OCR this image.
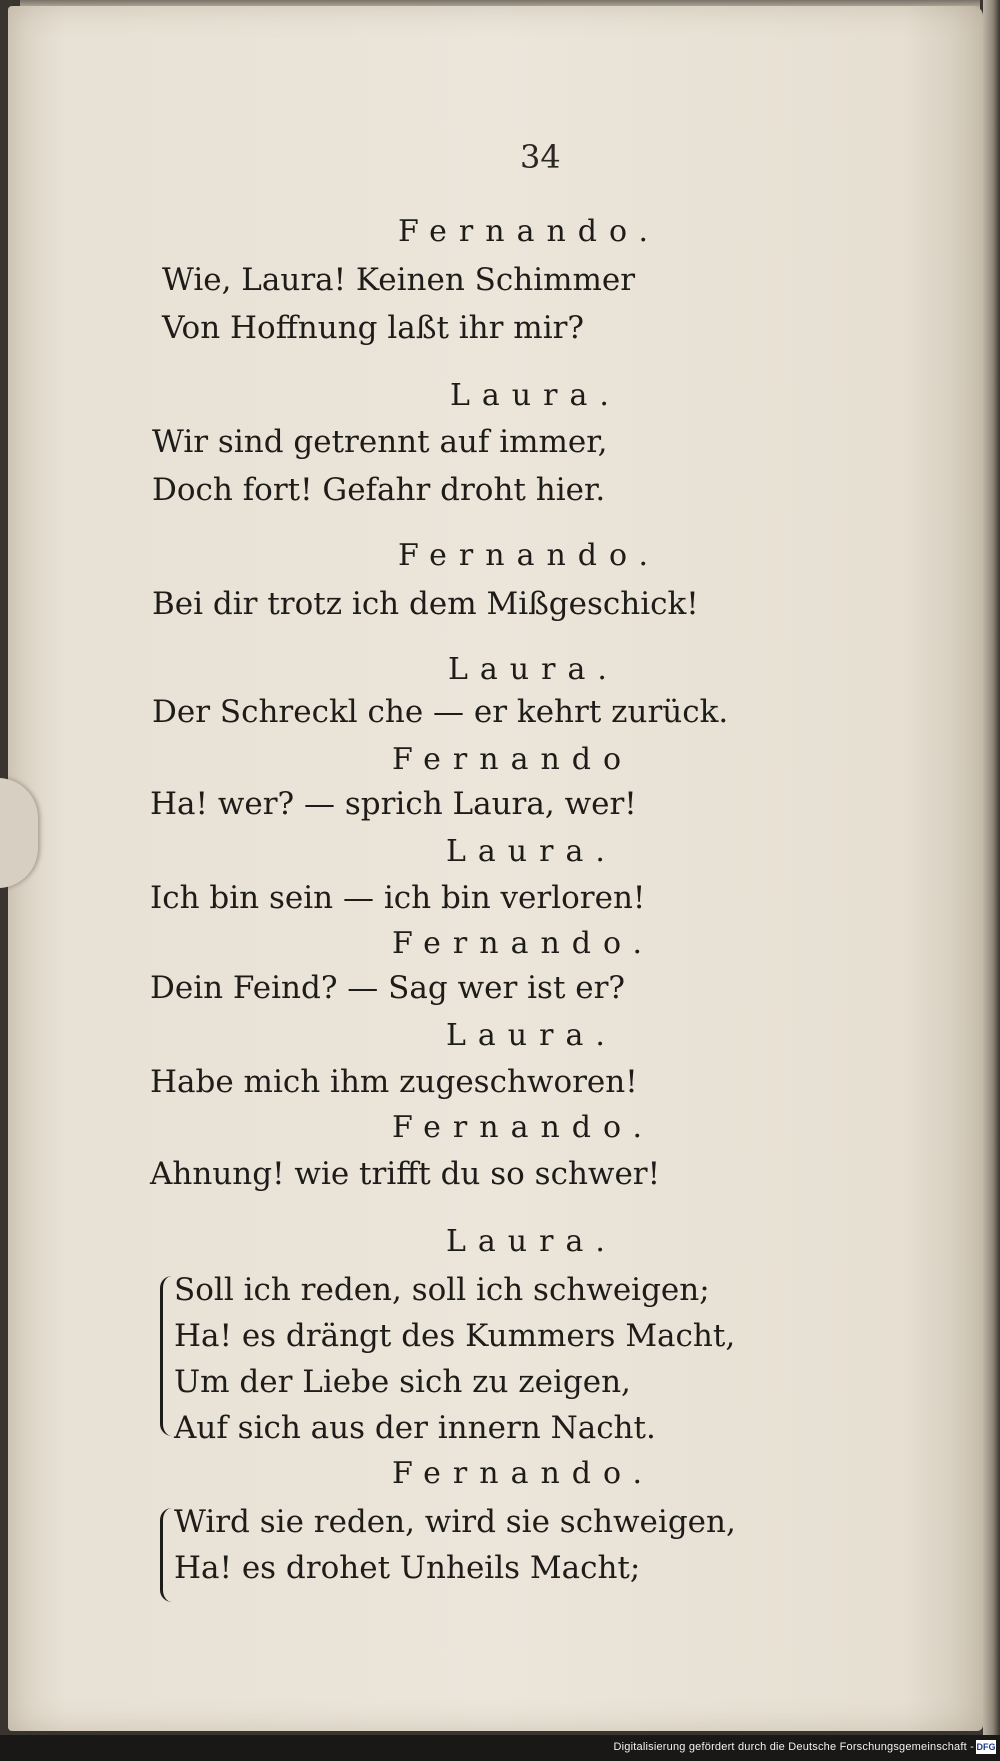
34
Fernando.
Wie, Laura! Keinen Schimmer
Von Hoffnung laßt ihr mir?
Laura.
Wir sind getrennt auf immer,
Doch fort! Gefahr droht hier.
Fernando.
Bei dir trotz ich dem Mißgeschick!
Laura.
Der Schreckl che — er kehrt zurück.
Fernando
Ha! wer? — sprich Laura, wer!
Laura.
Ich bin sein — ich bin verloren!
Fernando.
Dein Feind? — Sag wer ist er?
Laura.
Habe mich ihm zugeschworen!
Fernando.
Ahnung! wie trifft du so schwer!
Laura.
Soll ich reden, soll ich schweigen;
Ha! es drängt des Kummers Macht,
Um der Liebe sich zu zeigen,
Auf sich aus der innern Nacht.
Fernando.
Wird sie reden, wird sie schweigen,
Ha! es drohet Unheils Macht;
Digitalisierung gefördert durch die Deutsche Forschungsgemeinschaft - DFG
